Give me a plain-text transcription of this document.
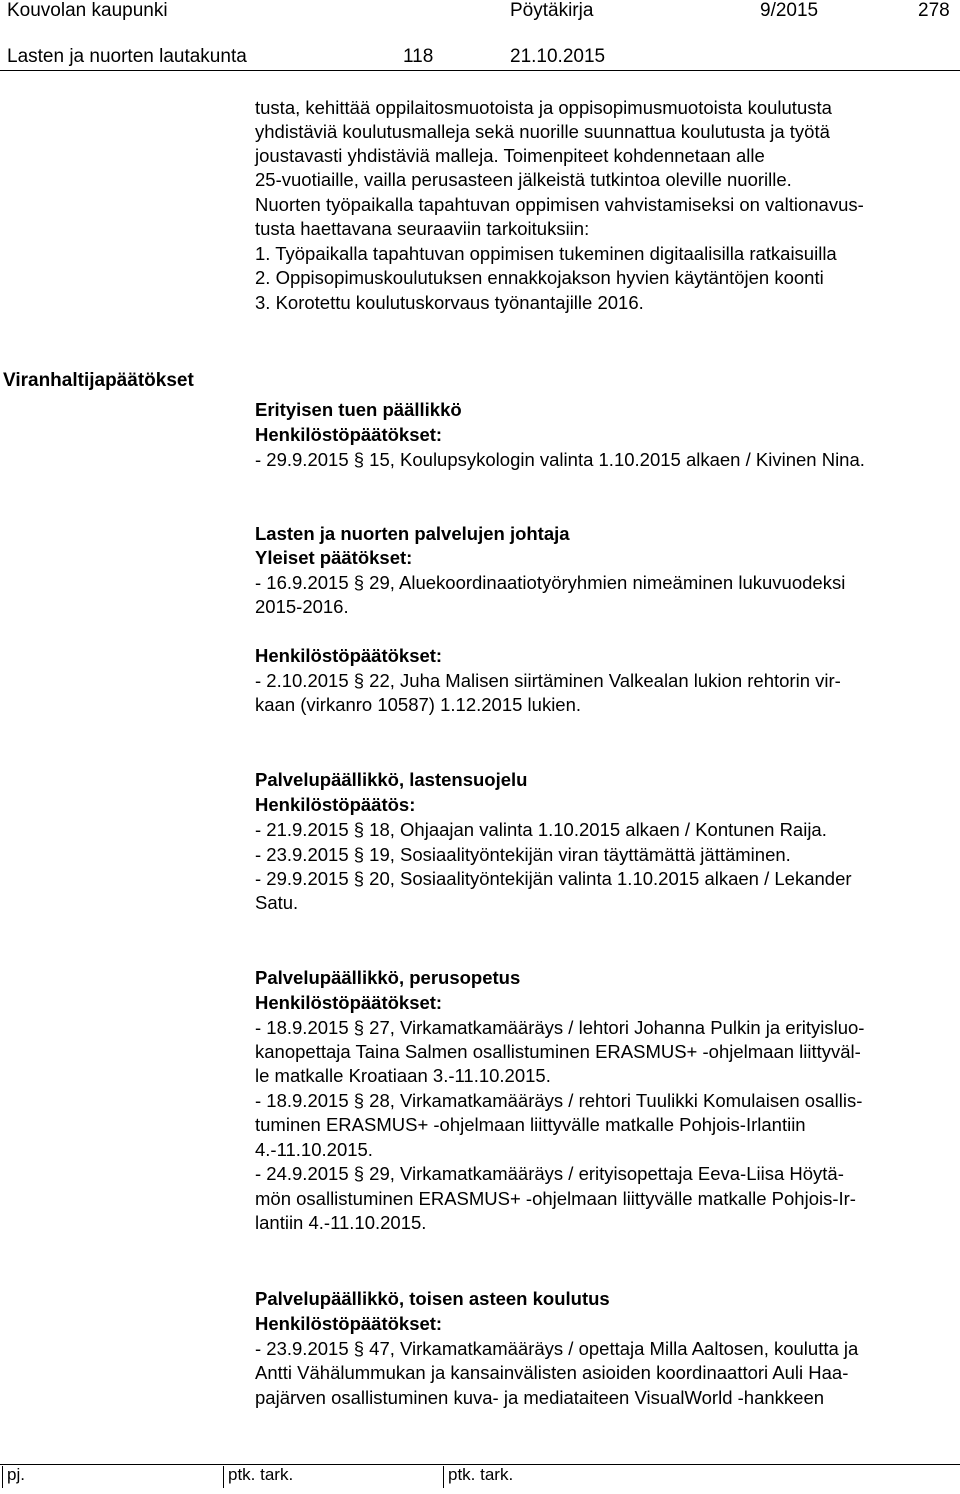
Kouvolan kaupunki	Pöytäkirja	9/2015	278
Lasten ja nuorten lautakunta	118	21.10.2015
tusta, kehittää oppilaitosmuotoista ja oppisopimusmuotoista koulutusta
yhdistäviä koulutusmalleja sekä nuorille suunnattua koulutusta ja työtä
joustavasti yhdistäviä malleja. Toimenpiteet kohdennetaan alle
25-vuotiaille, vailla perusasteen jälkeistä tutkintoa oleville nuorille.
Nuorten työpaikalla tapahtuvan oppimisen vahvistamiseksi on valtionavus-
tusta haettavana seuraaviin tarkoituksiin:
1. Työpaikalla tapahtuvan oppimisen tukeminen digitaalisilla ratkaisuilla
2. Oppisopimuskoulutuksen ennakkojakson hyvien käytäntöjen koonti
3. Korotettu koulutuskorvaus työnantajille 2016.
Viranhaltijapäätökset
Erityisen tuen päällikkö
Henkilöstöpäätökset:
- 29.9.2015 § 15, Koulupsykologin valinta 1.10.2015 alkaen / Kivinen Nina.
Lasten ja nuorten palvelujen johtaja
Yleiset päätökset:
- 16.9.2015 § 29, Aluekoordinaatiotyöryhmien nimeäminen lukuvuodeksi
2015-2016.
Henkilöstöpäätökset:
- 2.10.2015 § 22, Juha Malisen siirtäminen Valkealan lukion rehtorin vir-
kaan (virkanro 10587) 1.12.2015 lukien.
Palvelupäällikkö, lastensuojelu
Henkilöstöpäätös:
- 21.9.2015 § 18, Ohjaajan valinta 1.10.2015 alkaen / Kontunen Raija.
- 23.9.2015 § 19, Sosiaalityöntekijän viran täyttämättä jättäminen.
- 29.9.2015 § 20, Sosiaalityöntekijän valinta 1.10.2015 alkaen / Lekander
Satu.
Palvelupäällikkö, perusopetus
Henkilöstöpäätökset:
- 18.9.2015 § 27, Virkamatkamääräys / lehtori Johanna Pulkin ja erityisluo-
kanopettaja Taina Salmen osallistuminen ERASMUS+ -ohjelmaan liittyväl-
le matkalle Kroatiaan 3.-11.10.2015.
- 18.9.2015 § 28, Virkamatkamääräys / rehtori Tuulikki Komulaisen osallis-
tuminen ERASMUS+ -ohjelmaan liittyvälle matkalle Pohjois-Irlantiin
4.-11.10.2015.
- 24.9.2015 § 29, Virkamatkamääräys / erityisopettaja Eeva-Liisa Höytä-
mön osallistuminen ERASMUS+ -ohjelmaan liittyvälle matkalle Pohjois-Ir-
lantiin 4.-11.10.2015.
Palvelupäällikkö, toisen asteen koulutus
Henkilöstöpäätökset:
- 23.9.2015 § 47, Virkamatkamääräys / opettaja Milla Aaltosen, koulutta ja
Antti Vähälummukan ja kansainvälisten asioiden koordinaattori Auli Haa-
pajärven osallistuminen kuva- ja mediataiteen VisualWorld -hankkeen
pj.	ptk. tark.	ptk. tark.
